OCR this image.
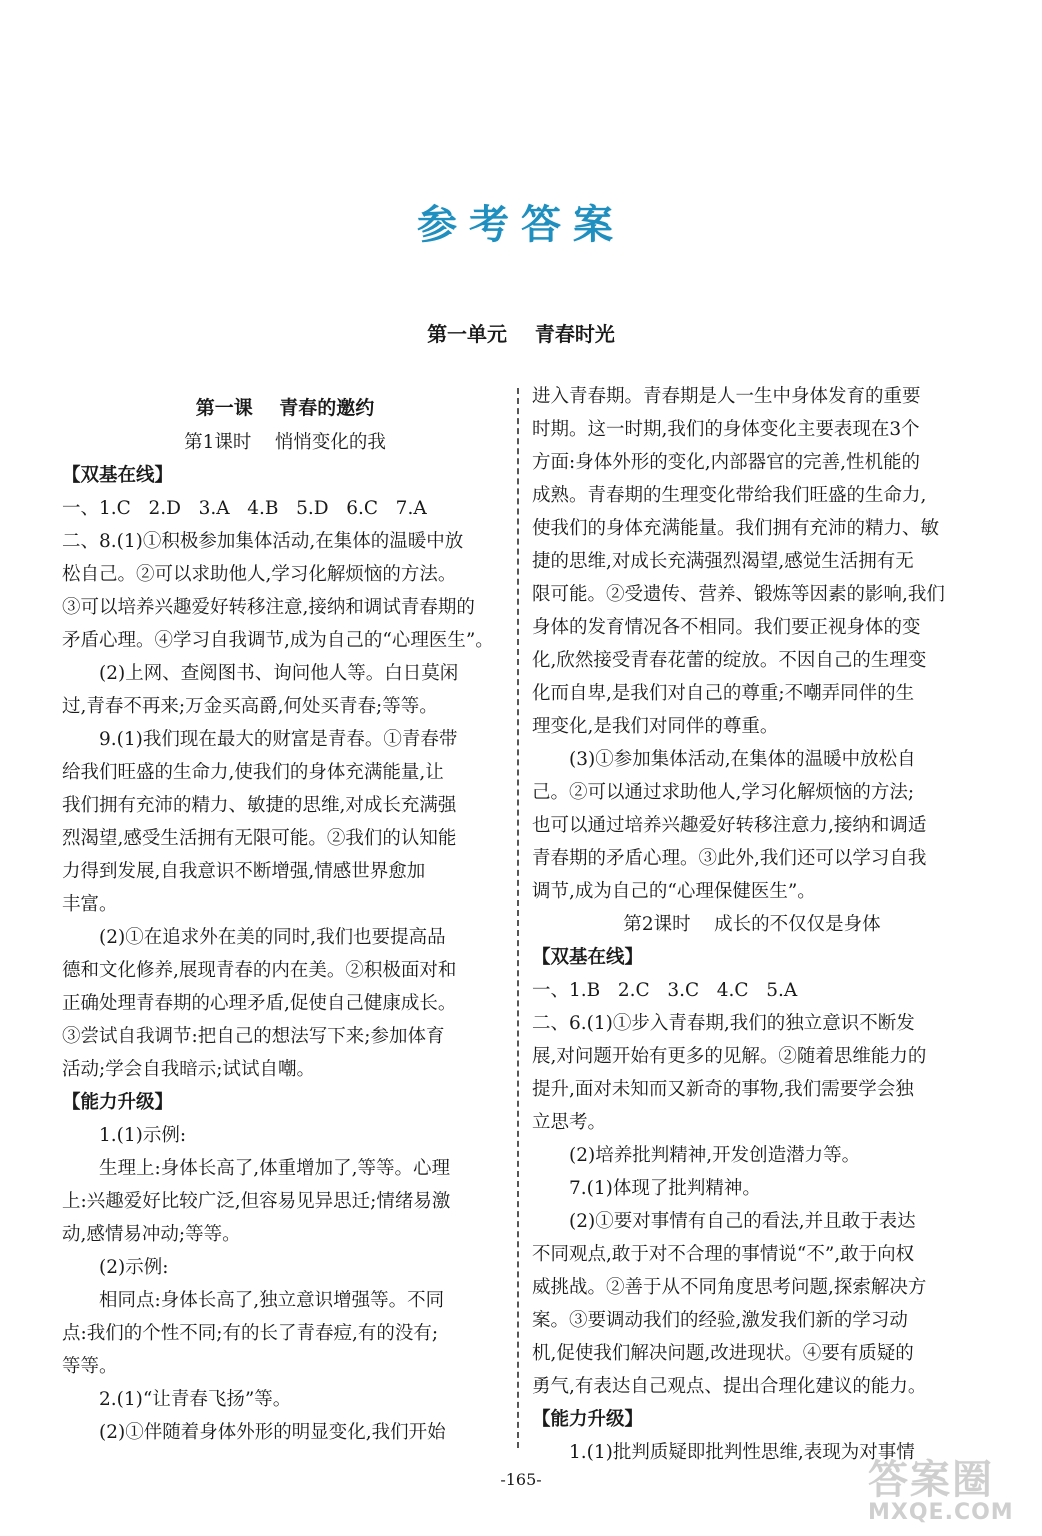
参考答案
第一单元    青春时光
第一课    青春的邀约
第1课时    悄悄变化的我
【双基在线】
一、1.C   2.D   3.A   4.B   5.D   6.C   7.A
二、8.(1)①积极参加集体活动,在集体的温暖中放
松自己。②可以求助他人,学习化解烦恼的方法。
③可以培养兴趣爱好转移注意,接纳和调试青春期的
矛盾心理。④学习自我调节,成为自己的“心理医生”。
(2)上网、查阅图书、询问他人等。白日莫闲
过,青春不再来;万金买高爵,何处买青春;等等。
9.(1)我们现在最大的财富是青春。①青春带
给我们旺盛的生命力,使我们的身体充满能量,让
我们拥有充沛的精力、敏捷的思维,对成长充满强
烈渴望,感受生活拥有无限可能。②我们的认知能
力得到发展,自我意识不断增强,情感世界愈加
丰富。
(2)①在追求外在美的同时,我们也要提高品
德和文化修养,展现青春的内在美。②积极面对和
正确处理青春期的心理矛盾,促使自己健康成长。
③尝试自我调节:把自己的想法写下来;参加体育
活动;学会自我暗示;试试自嘲。
【能力升级】
1.(1)示例:
生理上:身体长高了,体重增加了,等等。心理
上:兴趣爱好比较广泛,但容易见异思迁;情绪易激
动,感情易冲动;等等。
(2)示例:
相同点:身体长高了,独立意识增强等。不同
点:我们的个性不同;有的长了青春痘,有的没有;
等等。
2.(1)“让青春飞扬”等。
(2)①伴随着身体外形的明显变化,我们开始
进入青春期。青春期是人一生中身体发育的重要
时期。这一时期,我们的身体变化主要表现在3个
方面:身体外形的变化,内部器官的完善,性机能的
成熟。青春期的生理变化带给我们旺盛的生命力,
使我们的身体充满能量。我们拥有充沛的精力、敏
捷的思维,对成长充满强烈渴望,感觉生活拥有无
限可能。②受遗传、营养、锻炼等因素的影响,我们
身体的发育情况各不相同。我们要正视身体的变
化,欣然接受青春花蕾的绽放。不因自己的生理变
化而自卑,是我们对自己的尊重;不嘲弄同伴的生
理变化,是我们对同伴的尊重。
(3)①参加集体活动,在集体的温暖中放松自
己。②可以通过求助他人,学习化解烦恼的方法;
也可以通过培养兴趣爱好转移注意力,接纳和调适
青春期的矛盾心理。③此外,我们还可以学习自我
调节,成为自己的“心理保健医生”。
第2课时    成长的不仅仅是身体
【双基在线】
一、1.B   2.C   3.C   4.C   5.A
二、6.(1)①步入青春期,我们的独立意识不断发
展,对问题开始有更多的见解。②随着思维能力的
提升,面对未知而又新奇的事物,我们需要学会独
立思考。
(2)培养批判精神,开发创造潜力等。
7.(1)体现了批判精神。
(2)①要对事情有自己的看法,并且敢于表达
不同观点,敢于对不合理的事情说“不”,敢于向权
威挑战。②善于从不同角度思考问题,探索解决方
案。③要调动我们的经验,激发我们新的学习动
机,促使我们解决问题,改进现状。④要有质疑的
勇气,有表达自己观点、提出合理化建议的能力。
【能力升级】
1.(1)批判质疑即批判性思维,表现为对事情
-165-	答案圈
MXQE.COM
